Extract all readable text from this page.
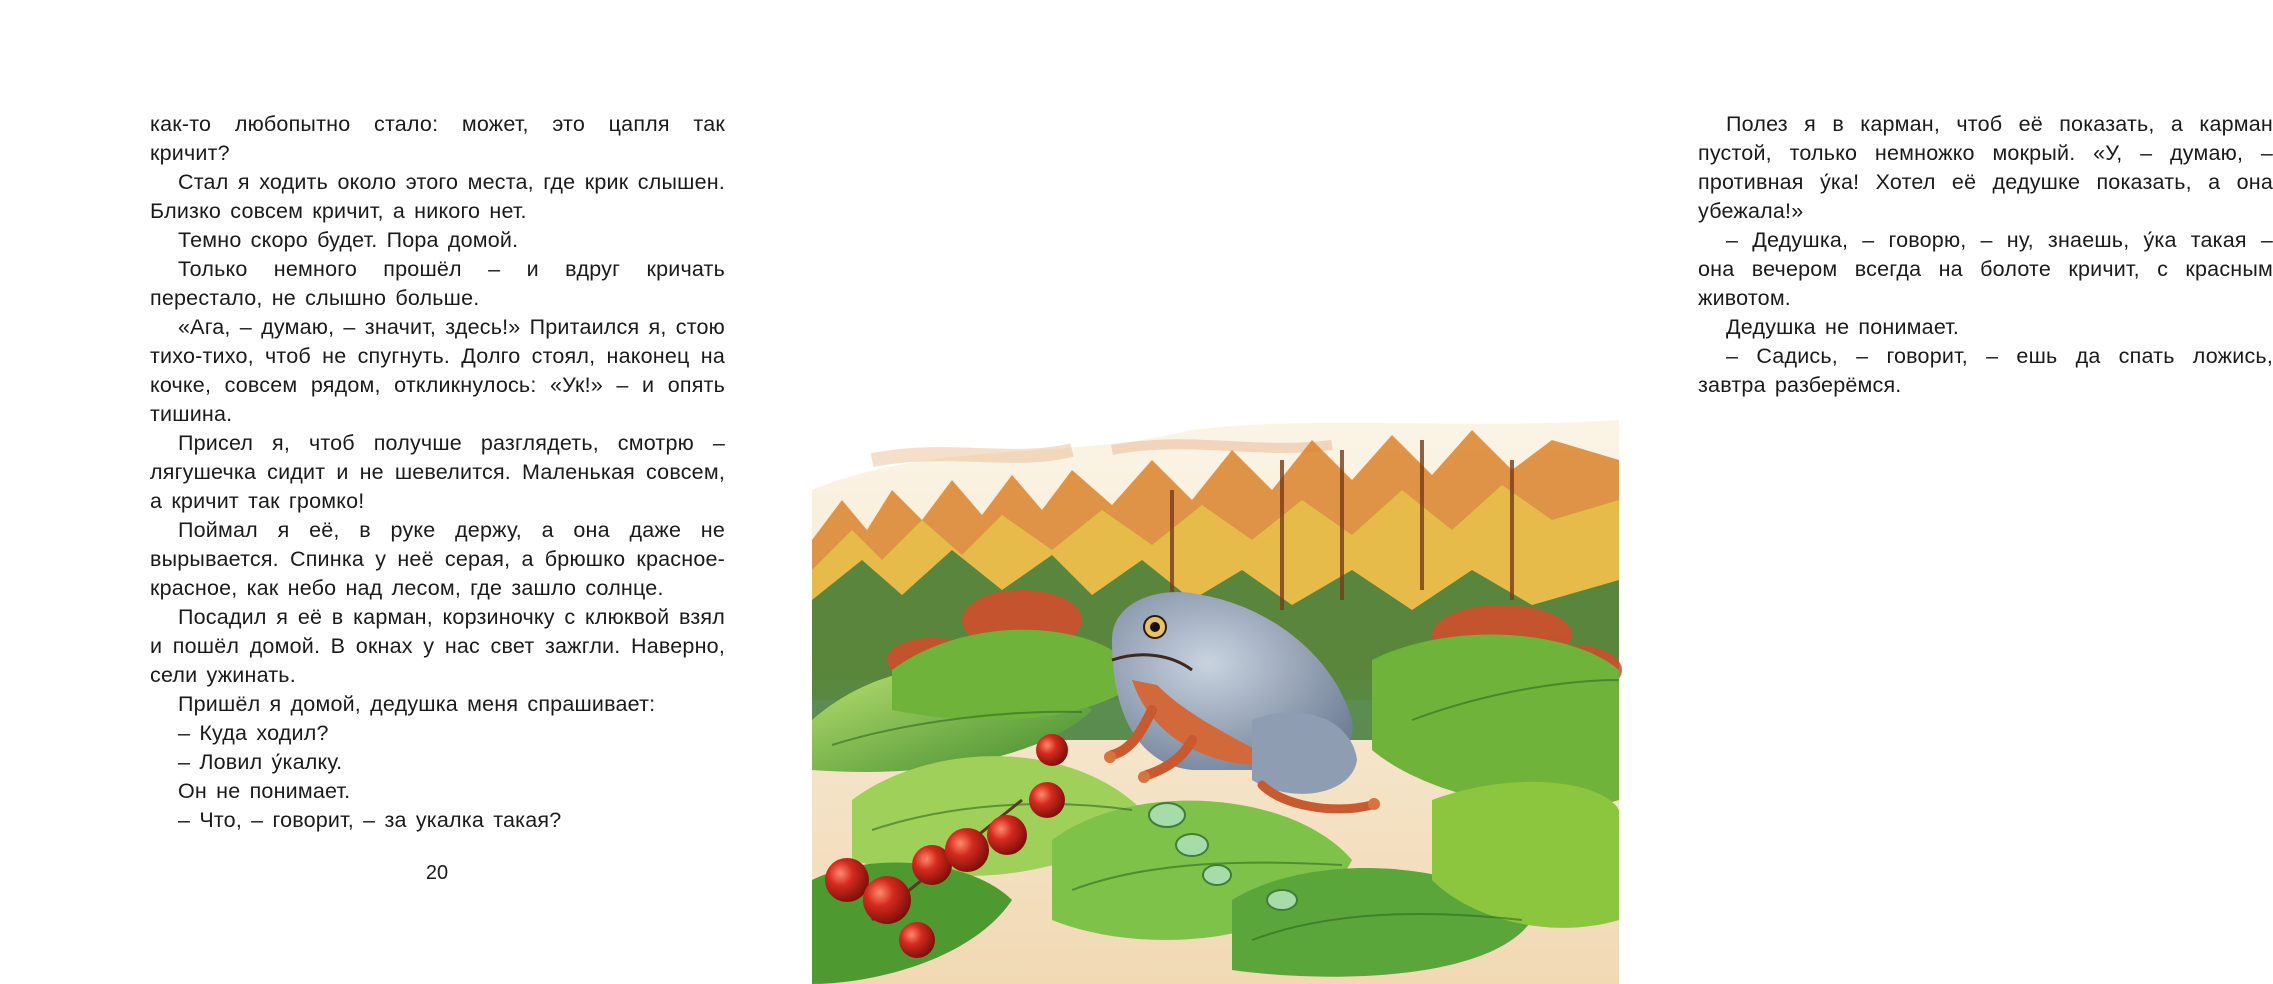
как-то любопытно стало: может, это цапля так кричит?

Стал я ходить около этого места, где крик слышен. Близко совсем кричит, а никого нет.

Темно скоро будет. Пора домой.

Только немного прошёл – и вдруг кричать перестало, не слышно больше.

«Ага, – думаю, – значит, здесь!» Притаился я, стою тихо-тихо, чтоб не спугнуть. Долго стоял, наконец на кочке, совсем рядом, откликнулось: «Ук!» – и опять тишина.

Присел я, чтоб получше разглядеть, смотрю – лягушечка сидит и не шевелится. Маленькая совсем, а кричит так громко!

Поймал я её, в руке держу, а она даже не вырывается. Спинка у неё серая, а брюшко красное-красное, как небо над лесом, где зашло солнце.

Посадил я её в карман, корзиночку с клюквой взял и пошёл домой. В окнах у нас свет зажгли. Наверно, сели ужинать.

Пришёл я домой, дедушка меня спрашивает:

– Куда ходил?

– Ловил у́калку.

Он не понимает.

– Что, – говорит, – за укалка такая?

20

Полез я в карман, чтоб её показать, а карман пустой, только немножко мокрый. «У, – думаю, – противная у́ка! Хотел её дедушке показать, а она убежала!»

– Дедушка, – говорю, – ну, знаешь, у́ка такая – она вечером всегда на болоте кричит, с красным животом.

Дедушка не понимает.

– Садись, – говорит, – ешь да спать ложись, завтра разберёмся.
